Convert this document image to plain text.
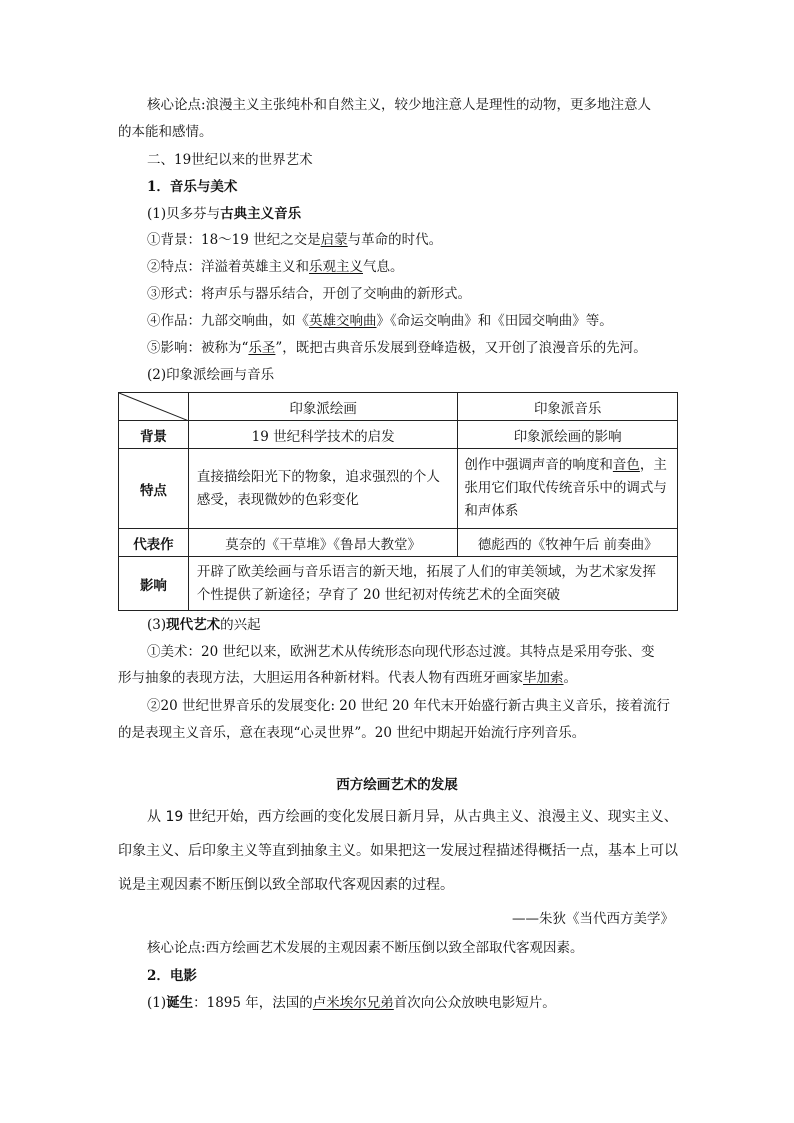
核心论点:浪漫主义主张纯朴和自然主义，较少地注意人是理性的动物，更多地注意人
的本能和感情。
二、19世纪以来的世界艺术
1．音乐与美术
(1)贝多芬与古典主义音乐
①背景：18～19 世纪之交是启蒙与革命的时代。
②特点：洋溢着英雄主义和乐观主义气息。
③形式：将声乐与器乐结合，开创了交响曲的新形式。
④作品：九部交响曲，如《英雄交响曲》《命运交响曲》和《田园交响曲》等。
⑤影响：被称为“乐圣”，既把古典音乐发展到登峰造极，又开创了浪漫音乐的先河。
(2)印象派绘画与音乐
	印象派绘画	印象派音乐
背景	19 世纪科学技术的启发	印象派绘画的影响
特点	直接描绘阳光下的物象，追求强烈的个人感受，表现微妙的色彩变化	创作中强调声音的响度和音色，主张用它们取代传统音乐中的调式与和声体系
代表作	莫奈的《干草堆》《鲁昂大教堂》	德彪西的《牧神午后 前奏曲》
影响	开辟了欧美绘画与音乐语言的新天地，拓展了人们的审美领域，为艺术家发挥个性提供了新途径；孕育了 20 世纪初对传统艺术的全面突破	
(3)现代艺术的兴起
①美术：20 世纪以来，欧洲艺术从传统形态向现代形态过渡。其特点是采用夸张、变
形与抽象的表现方法，大胆运用各种新材料。代表人物有西班牙画家毕加索。
②20 世纪世界音乐的发展变化: 20 世纪 20 年代末开始盛行新古典主义音乐，接着流行
的是表现主义音乐，意在表现“心灵世界”。20 世纪中期起开始流行序列音乐。
西方绘画艺术的发展
从 19 世纪开始，西方绘画的变化发展日新月异，从古典主义、浪漫主义、现实主义、
印象主义、后印象主义等直到抽象主义。如果把这一发展过程描述得概括一点，基本上可以
说是主观因素不断压倒以致全部取代客观因素的过程。
——朱狄《当代西方美学》
核心论点:西方绘画艺术发展的主观因素不断压倒以致全部取代客观因素。
2．电影
(1)诞生：1895 年，法国的卢米埃尔兄弟首次向公众放映电影短片。
